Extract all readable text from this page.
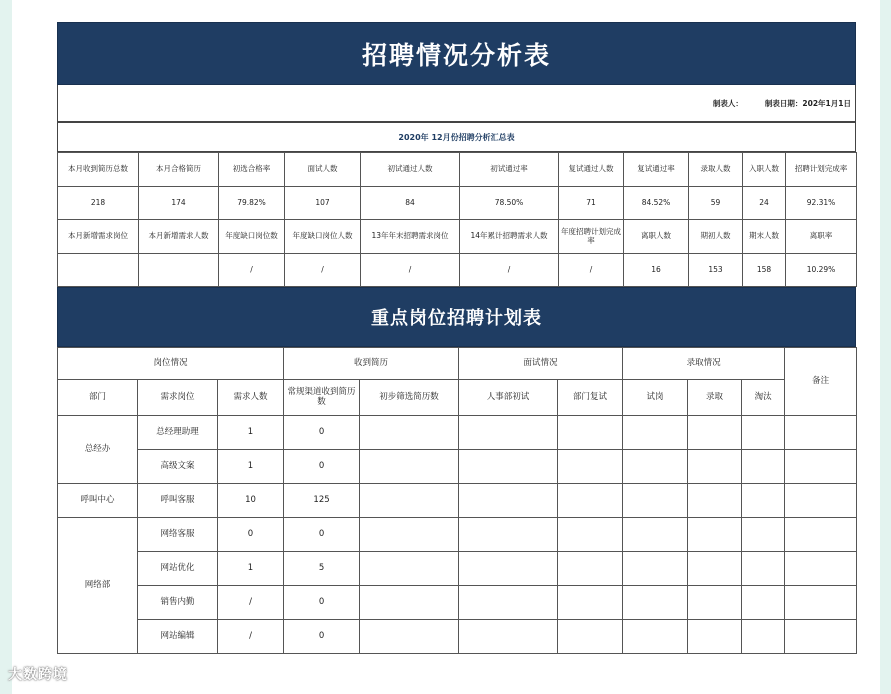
招聘情况分析表
制表人：	制表日期：202年1月1日
2020年 12月份招聘分析汇总表
本月收到简历总数	本月合格简历	初选合格率	面试人数	初试通过人数	初试通过率	复试通过人数	复试通过率	录取人数	入职人数	招聘计划完成率
218	174	79.82%	107	84	78.50%	71	84.52%	59	24	92.31%
本月新增需求岗位	本月新增需求人数	年度缺口岗位数	年度缺口岗位人数	13年年末招聘需求岗位	14年累计招聘需求人数	年度招聘计划完成率	离职人数	期初人数	期末人数	离职率
		/	/	/	/	/	16	153	158	10.29%
重点岗位招聘计划表
岗位情况			收到简历		面试情况		录取情况			备注
部门	需求岗位	需求人数	常规渠道收到简历数	初步筛选简历数	人事部初试	部门复试	试岗	录取	淘汰	
总经办	总经理助理	1	0							
	高级文案	1	0							
呼叫中心	呼叫客服	10	125							
网络部	网络客服	0	0							
	网站优化	1	5							
	销售内勤	/	0							
	网站编辑	/	0							
大数跨境
